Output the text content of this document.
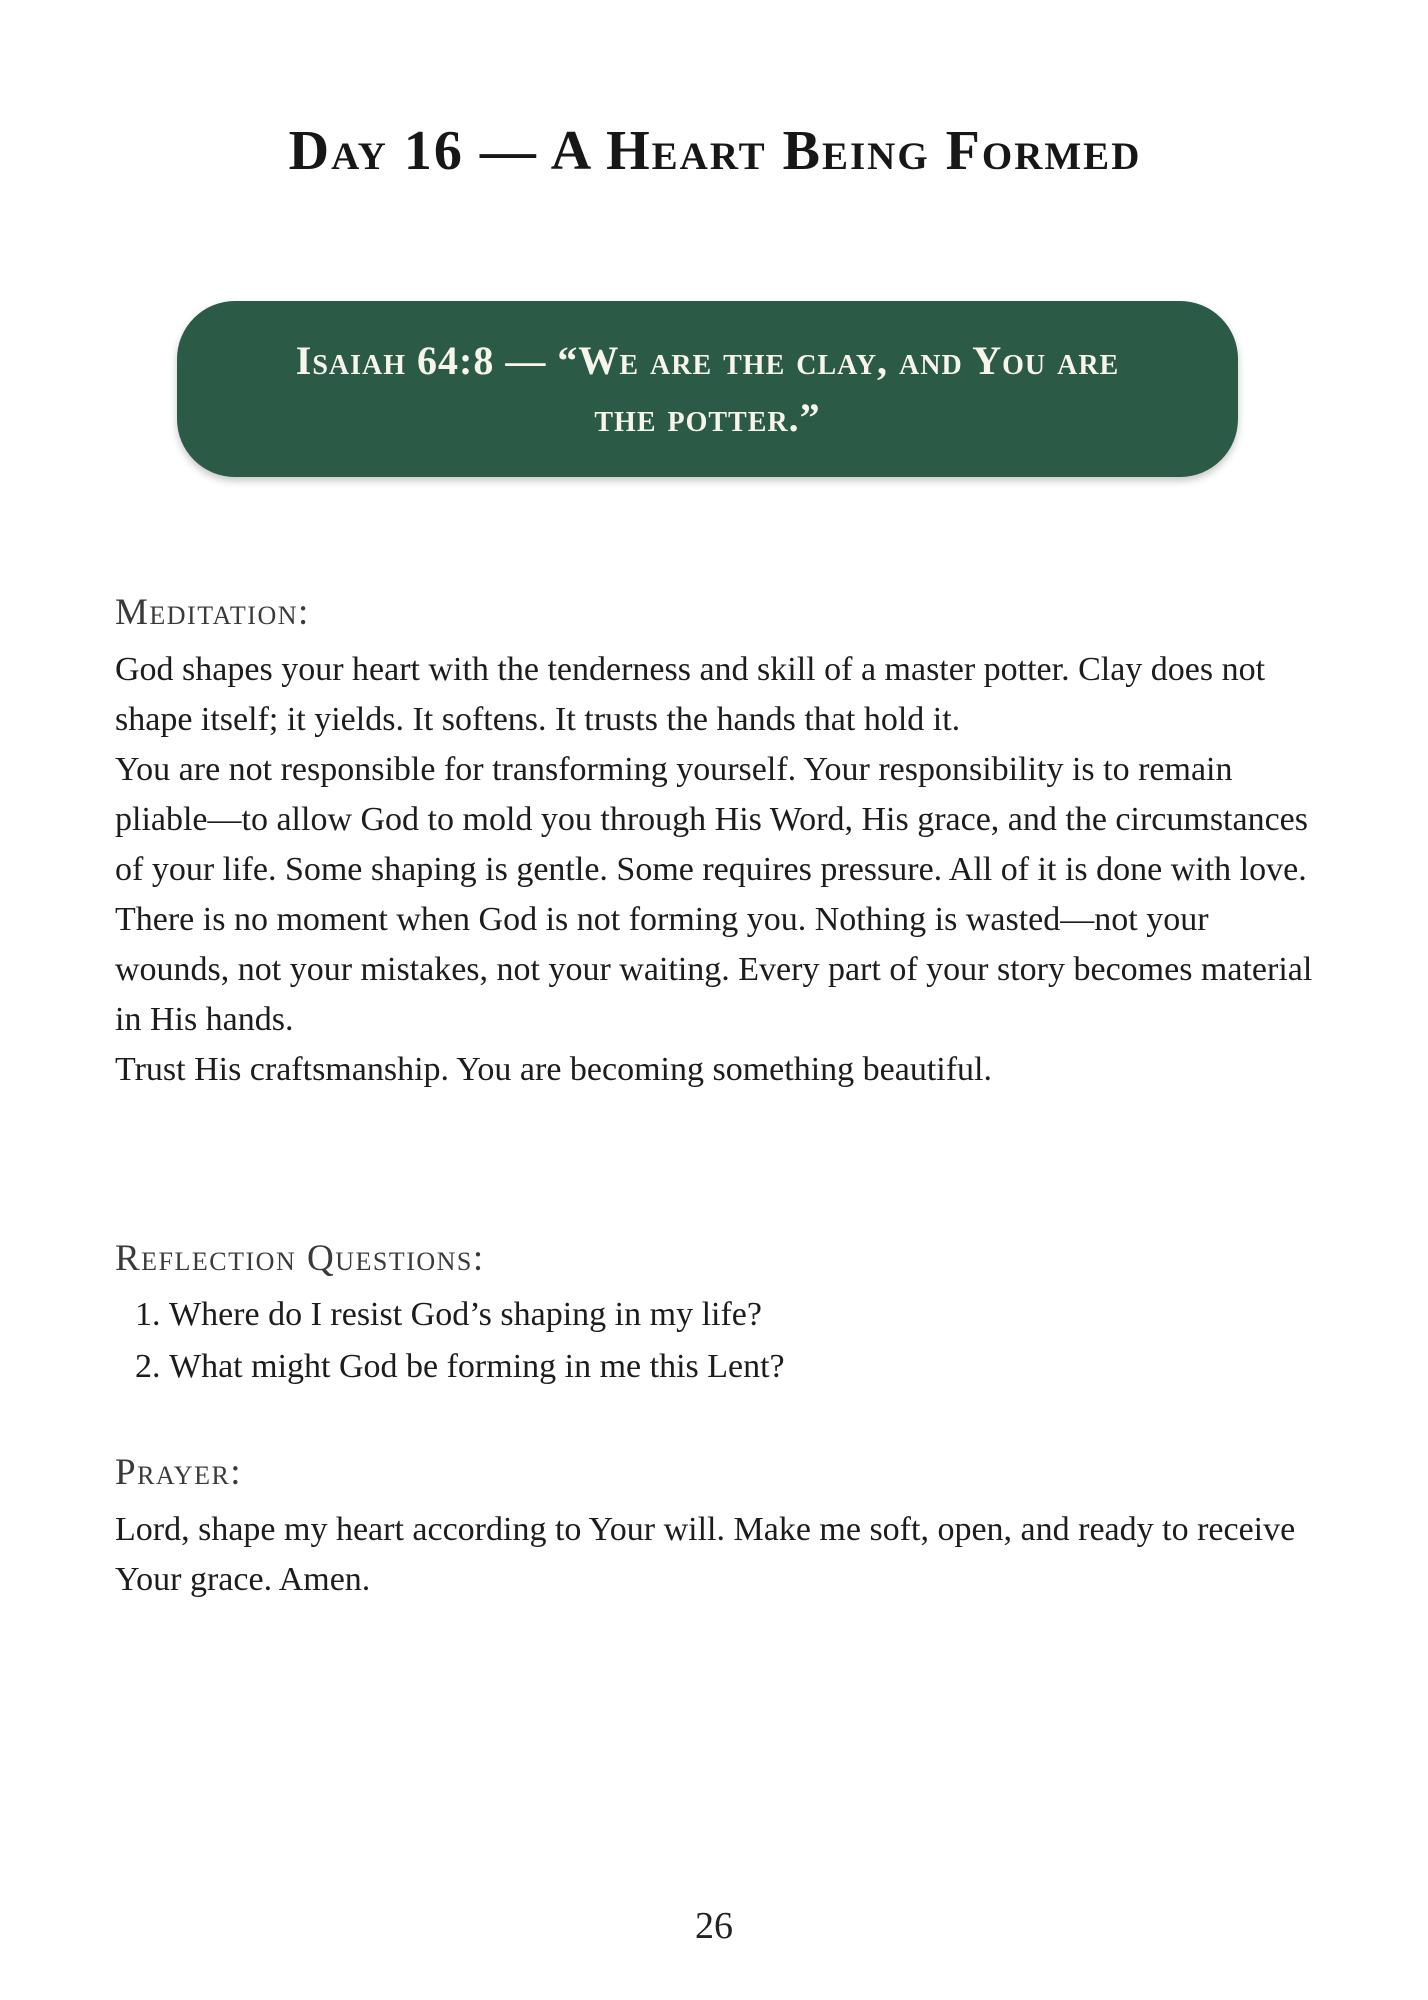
Day 16 — A Heart Being Formed

Isaiah 64:8 — “We are the clay, and You are
the potter.”

Meditation:

God shapes your heart with the tenderness and skill of a master potter. Clay does not shape itself; it yields. It softens. It trusts the hands that hold it.

You are not responsible for transforming yourself. Your responsibility is to remain pliable—to allow God to mold you through His Word, His grace, and the circumstances of your life. Some shaping is gentle. Some requires pressure. All of it is done with love.

There is no moment when God is not forming you. Nothing is wasted—not your wounds, not your mistakes, not your waiting. Every part of your story becomes material in His hands.

Trust His craftsmanship. You are becoming something beautiful.

Reflection Questions:
1. Where do I resist God’s shaping in my life?
2. What might God be forming in me this Lent?
Prayer:

Lord, shape my heart according to Your will. Make me soft, open, and ready to receive Your grace. Amen.

26
